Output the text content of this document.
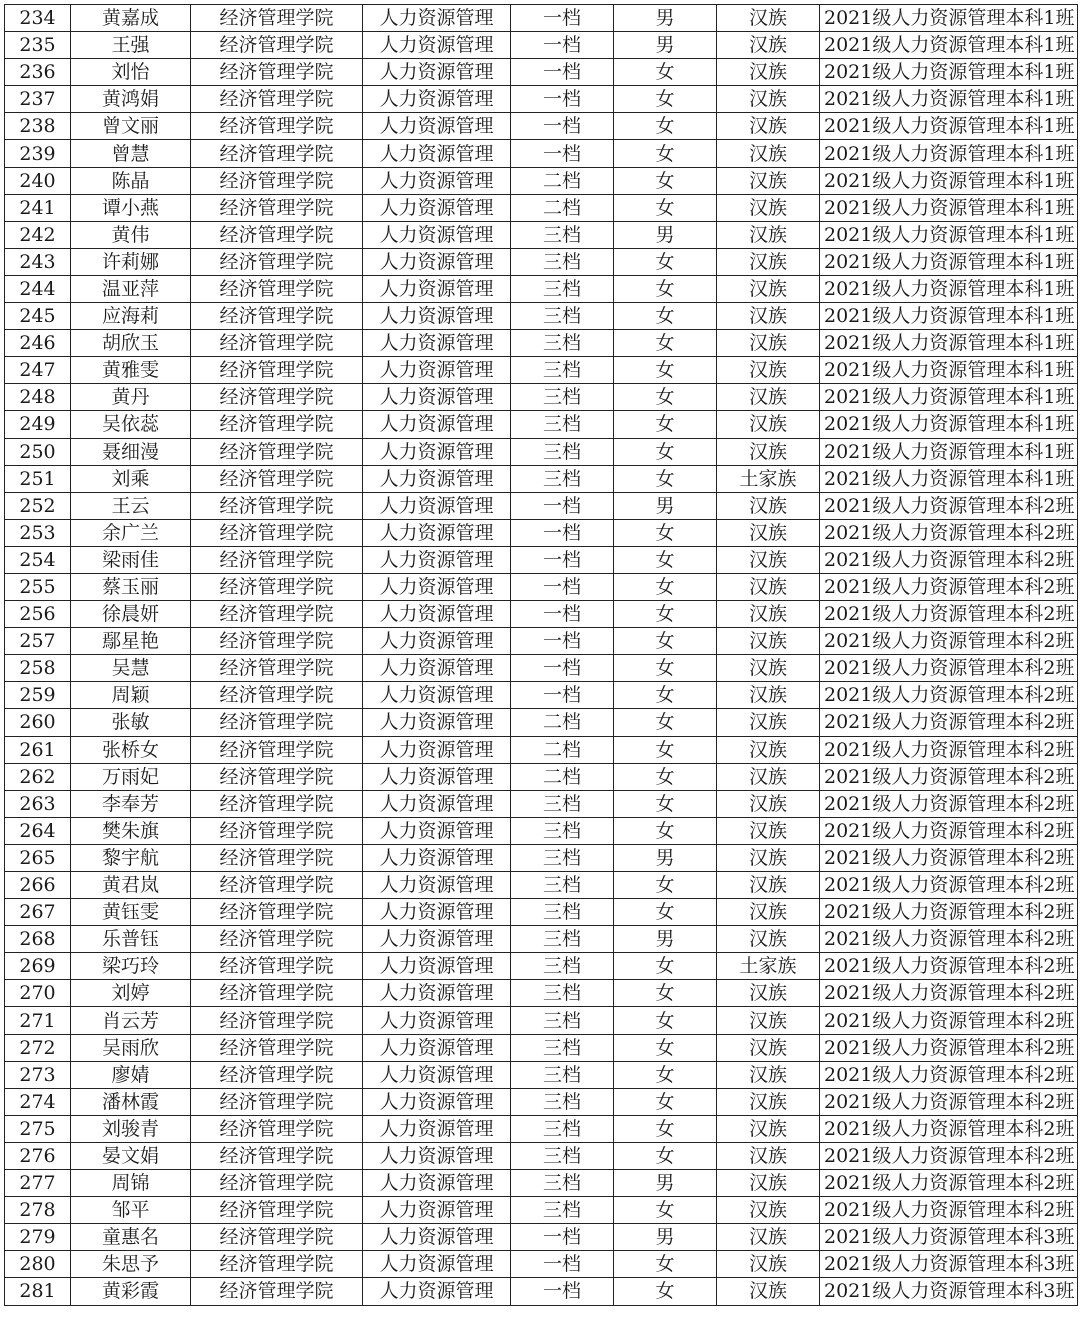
234	黄嘉成	经济管理学院	人力资源管理	一档	男	汉族	2021级人力资源管理本科1班
235	王强	经济管理学院	人力资源管理	一档	男	汉族	2021级人力资源管理本科1班
236	刘怡	经济管理学院	人力资源管理	一档	女	汉族	2021级人力资源管理本科1班
237	黄鸿娟	经济管理学院	人力资源管理	一档	女	汉族	2021级人力资源管理本科1班
238	曾文丽	经济管理学院	人力资源管理	一档	女	汉族	2021级人力资源管理本科1班
239	曾慧	经济管理学院	人力资源管理	一档	女	汉族	2021级人力资源管理本科1班
240	陈晶	经济管理学院	人力资源管理	二档	女	汉族	2021级人力资源管理本科1班
241	谭小燕	经济管理学院	人力资源管理	二档	女	汉族	2021级人力资源管理本科1班
242	黄伟	经济管理学院	人力资源管理	三档	男	汉族	2021级人力资源管理本科1班
243	许莉娜	经济管理学院	人力资源管理	三档	女	汉族	2021级人力资源管理本科1班
244	温亚萍	经济管理学院	人力资源管理	三档	女	汉族	2021级人力资源管理本科1班
245	应海莉	经济管理学院	人力资源管理	三档	女	汉族	2021级人力资源管理本科1班
246	胡欣玉	经济管理学院	人力资源管理	三档	女	汉族	2021级人力资源管理本科1班
247	黄雅雯	经济管理学院	人力资源管理	三档	女	汉族	2021级人力资源管理本科1班
248	黄丹	经济管理学院	人力资源管理	三档	女	汉族	2021级人力资源管理本科1班
249	吴依蕊	经济管理学院	人力资源管理	三档	女	汉族	2021级人力资源管理本科1班
250	聂细漫	经济管理学院	人力资源管理	三档	女	汉族	2021级人力资源管理本科1班
251	刘乘	经济管理学院	人力资源管理	三档	女	土家族	2021级人力资源管理本科1班
252	王云	经济管理学院	人力资源管理	一档	男	汉族	2021级人力资源管理本科2班
253	余广兰	经济管理学院	人力资源管理	一档	女	汉族	2021级人力资源管理本科2班
254	梁雨佳	经济管理学院	人力资源管理	一档	女	汉族	2021级人力资源管理本科2班
255	蔡玉丽	经济管理学院	人力资源管理	一档	女	汉族	2021级人力资源管理本科2班
256	徐晨妍	经济管理学院	人力资源管理	一档	女	汉族	2021级人力资源管理本科2班
257	鄢星艳	经济管理学院	人力资源管理	一档	女	汉族	2021级人力资源管理本科2班
258	吴慧	经济管理学院	人力资源管理	一档	女	汉族	2021级人力资源管理本科2班
259	周颖	经济管理学院	人力资源管理	一档	女	汉族	2021级人力资源管理本科2班
260	张敏	经济管理学院	人力资源管理	二档	女	汉族	2021级人力资源管理本科2班
261	张桥女	经济管理学院	人力资源管理	二档	女	汉族	2021级人力资源管理本科2班
262	万雨妃	经济管理学院	人力资源管理	二档	女	汉族	2021级人力资源管理本科2班
263	李奉芳	经济管理学院	人力资源管理	三档	女	汉族	2021级人力资源管理本科2班
264	樊朱旗	经济管理学院	人力资源管理	三档	女	汉族	2021级人力资源管理本科2班
265	黎宇航	经济管理学院	人力资源管理	三档	男	汉族	2021级人力资源管理本科2班
266	黄君岚	经济管理学院	人力资源管理	三档	女	汉族	2021级人力资源管理本科2班
267	黄钰雯	经济管理学院	人力资源管理	三档	女	汉族	2021级人力资源管理本科2班
268	乐普钰	经济管理学院	人力资源管理	三档	男	汉族	2021级人力资源管理本科2班
269	梁巧玲	经济管理学院	人力资源管理	三档	女	土家族	2021级人力资源管理本科2班
270	刘婷	经济管理学院	人力资源管理	三档	女	汉族	2021级人力资源管理本科2班
271	肖云芳	经济管理学院	人力资源管理	三档	女	汉族	2021级人力资源管理本科2班
272	吴雨欣	经济管理学院	人力资源管理	三档	女	汉族	2021级人力资源管理本科2班
273	廖婧	经济管理学院	人力资源管理	三档	女	汉族	2021级人力资源管理本科2班
274	潘林霞	经济管理学院	人力资源管理	三档	女	汉族	2021级人力资源管理本科2班
275	刘骏青	经济管理学院	人力资源管理	三档	女	汉族	2021级人力资源管理本科2班
276	晏文娟	经济管理学院	人力资源管理	三档	女	汉族	2021级人力资源管理本科2班
277	周锦	经济管理学院	人力资源管理	三档	男	汉族	2021级人力资源管理本科2班
278	邹平	经济管理学院	人力资源管理	三档	女	汉族	2021级人力资源管理本科2班
279	童惠名	经济管理学院	人力资源管理	一档	男	汉族	2021级人力资源管理本科3班
280	朱思予	经济管理学院	人力资源管理	一档	女	汉族	2021级人力资源管理本科3班
281	黄彩霞	经济管理学院	人力资源管理	一档	女	汉族	2021级人力资源管理本科3班
